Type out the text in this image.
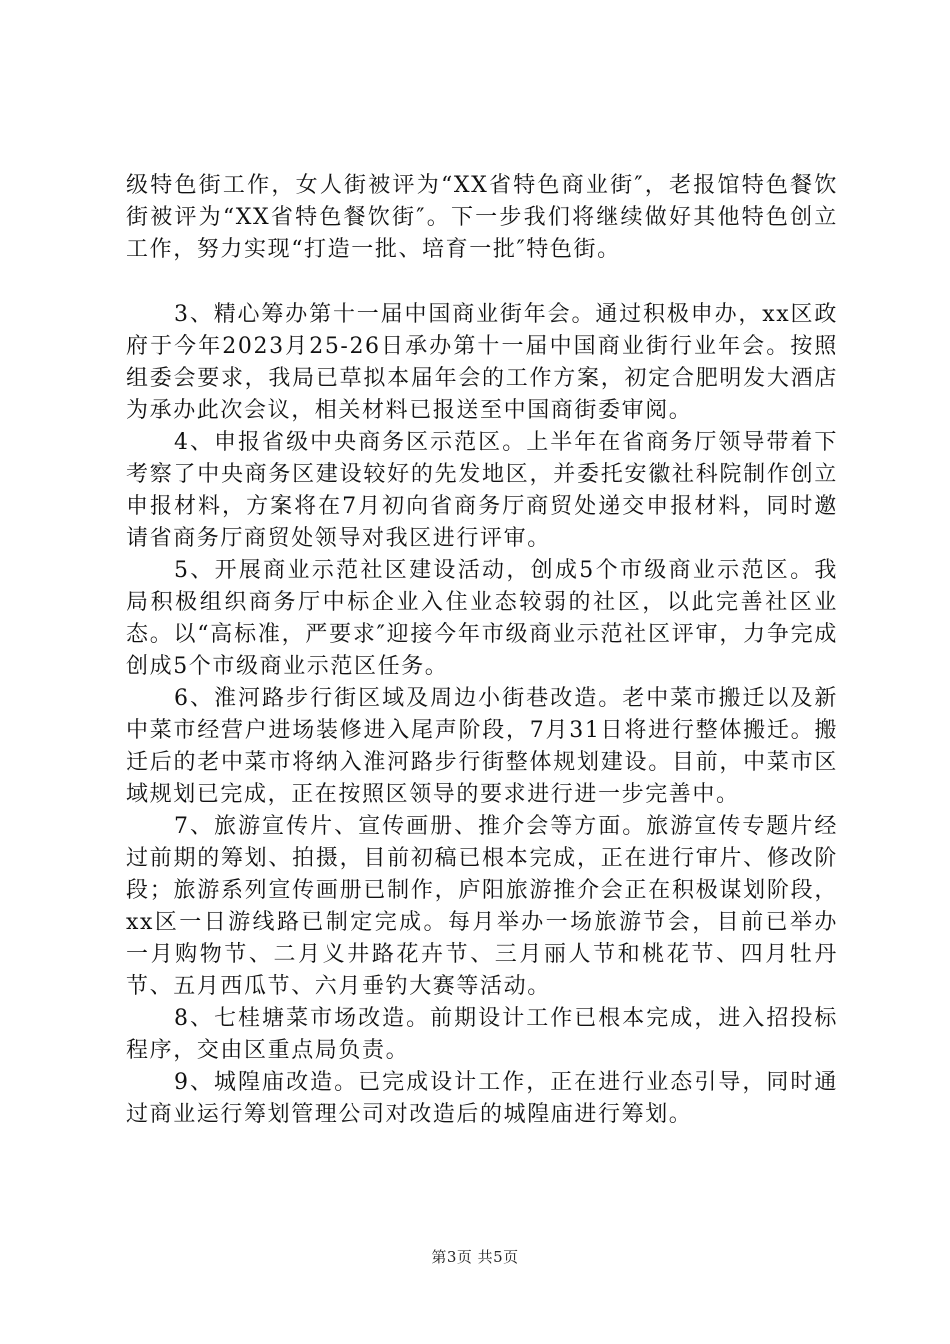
级特色街工作，女人街被评为“XX省特色商业街″，老报馆特色餐饮街被评为“XX省特色餐饮街″。下一步我们将继续做好其他特色创立工作，努力实现“打造一批、培育一批″特色街。

3、精心筹办第十一届中国商业街年会。通过积极申办，xx区政府于今年2023月25-26日承办第十一届中国商业街行业年会。按照组委会要求，我局已草拟本届年会的工作方案，初定合肥明发大酒店为承办此次会议，相关材料已报送至中国商街委审阅。

4、申报省级中央商务区示范区。上半年在省商务厅领导带着下考察了中央商务区建设较好的先发地区，并委托安徽社科院制作创立申报材料，方案将在7月初向省商务厅商贸处递交申报材料，同时邀请省商务厅商贸处领导对我区进行评审。

5、开展商业示范社区建设活动，创成5个市级商业示范区。我局积极组织商务厅中标企业入住业态较弱的社区，以此完善社区业态。以“高标准，严要求″迎接今年市级商业示范社区评审，力争完成创成5个市级商业示范区任务。

6、淮河路步行街区域及周边小街巷改造。老中菜市搬迁以及新中菜市经营户进场装修进入尾声阶段，7月31日将进行整体搬迁。搬迁后的老中菜市将纳入淮河路步行街整体规划建设。目前，中菜市区域规划已完成，正在按照区领导的要求进行进一步完善中。

7、旅游宣传片、宣传画册、推介会等方面。旅游宣传专题片经过前期的筹划、拍摄，目前初稿已根本完成，正在进行审片、修改阶段；旅游系列宣传画册已制作，庐阳旅游推介会正在积极谋划阶段，xx区一日游线路已制定完成。每月举办一场旅游节会，目前已举办一月购物节、二月义井路花卉节、三月丽人节和桃花节、四月牡丹节、五月西瓜节、六月垂钓大赛等活动。

8、七桂塘菜市场改造。前期设计工作已根本完成，进入招投标程序，交由区重点局负责。

9、城隍庙改造。已完成设计工作，正在进行业态引导，同时通过商业运行筹划管理公司对改造后的城隍庙进行筹划。

第3页 共5页
